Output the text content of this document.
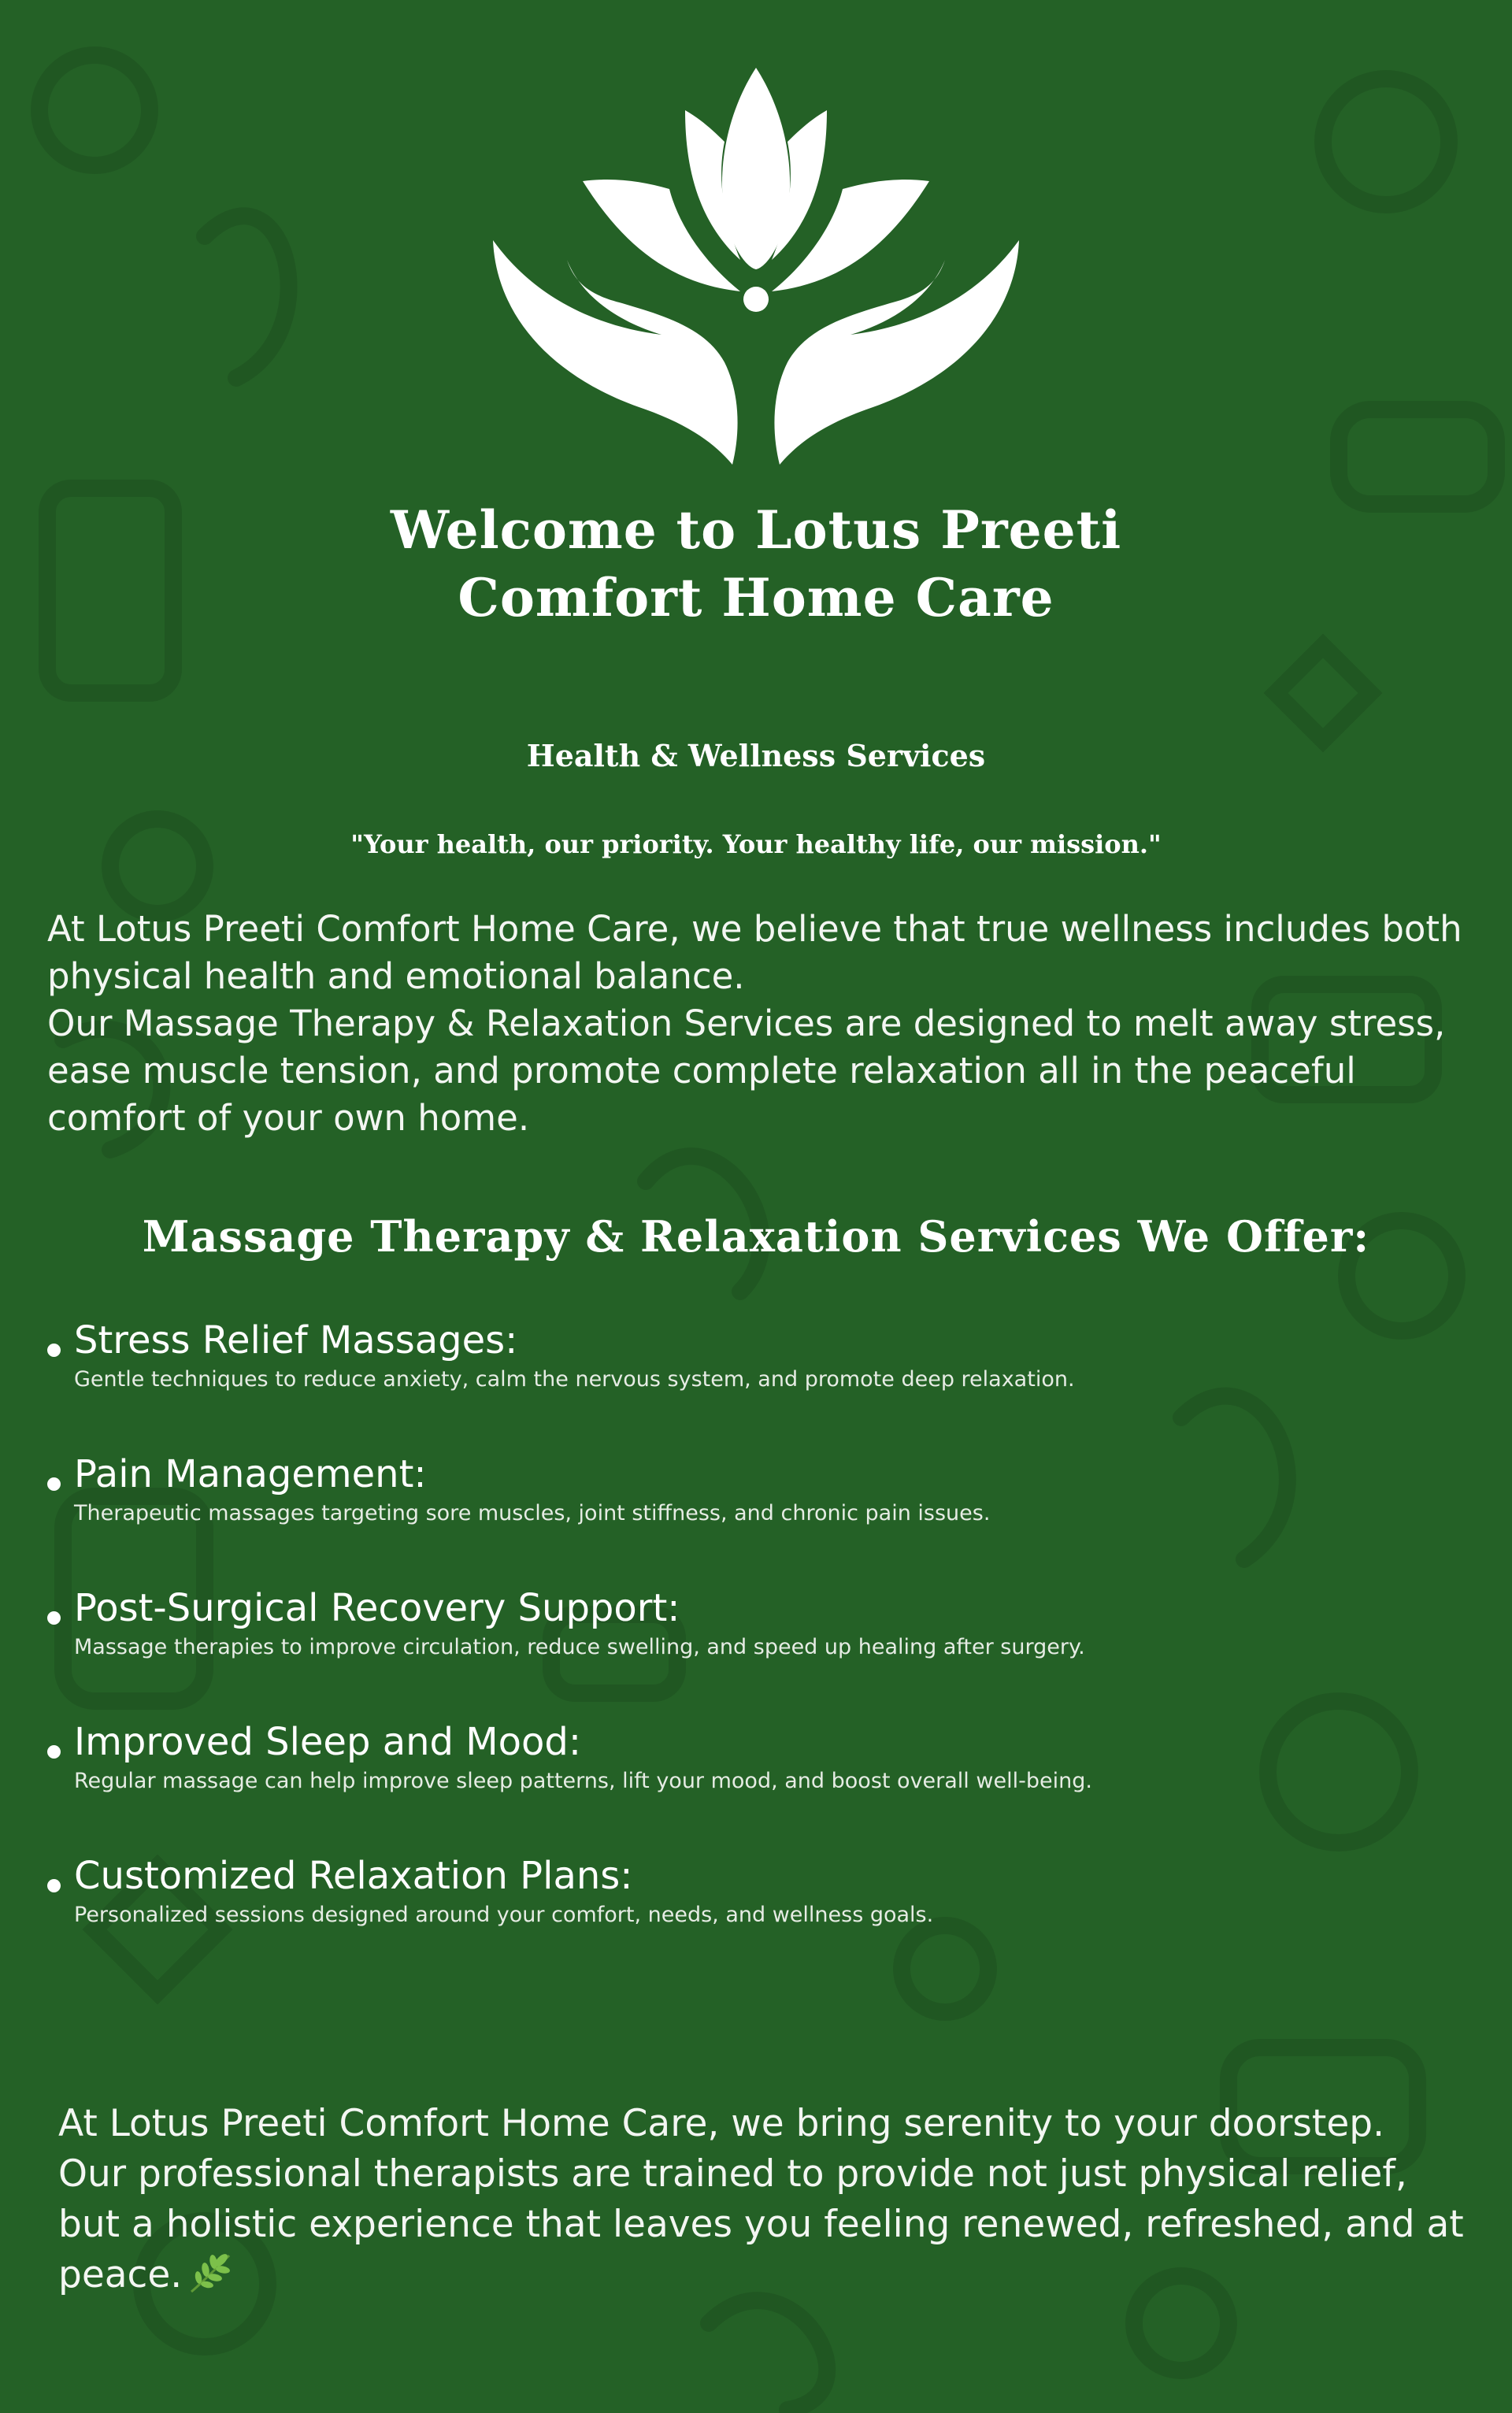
Welcome to Lotus Preeti
Comfort Home Care
Health & Wellness Services
"Your health, our priority. Your healthy life, our mission."

At Lotus Preeti Comfort Home Care, we believe that true wellness includes both physical health and emotional balance.

Our Massage Therapy & Relaxation Services are designed to melt away stress, ease muscle tension, and promote complete relaxation all in the peaceful comfort of your own home.

Massage Therapy & Relaxation Services We Offer:
Stress Relief Massages:
Gentle techniques to reduce anxiety, calm the nervous system, and promote deep relaxation.
Pain Management:
Therapeutic massages targeting sore muscles, joint stiffness, and chronic pain issues.
Post-Surgical Recovery Support:
Massage therapies to improve circulation, reduce swelling, and speed up healing after surgery.
Improved Sleep and Mood:
Regular massage can help improve sleep patterns, lift your mood, and boost overall well-being.
Customized Relaxation Plans:
Personalized sessions designed around your comfort, needs, and wellness goals.

At Lotus Preeti Comfort Home Care, we bring serenity to your doorstep.

Our professional therapists are trained to provide not just physical relief, but a holistic experience that leaves you feeling renewed, refreshed, and at peace.
